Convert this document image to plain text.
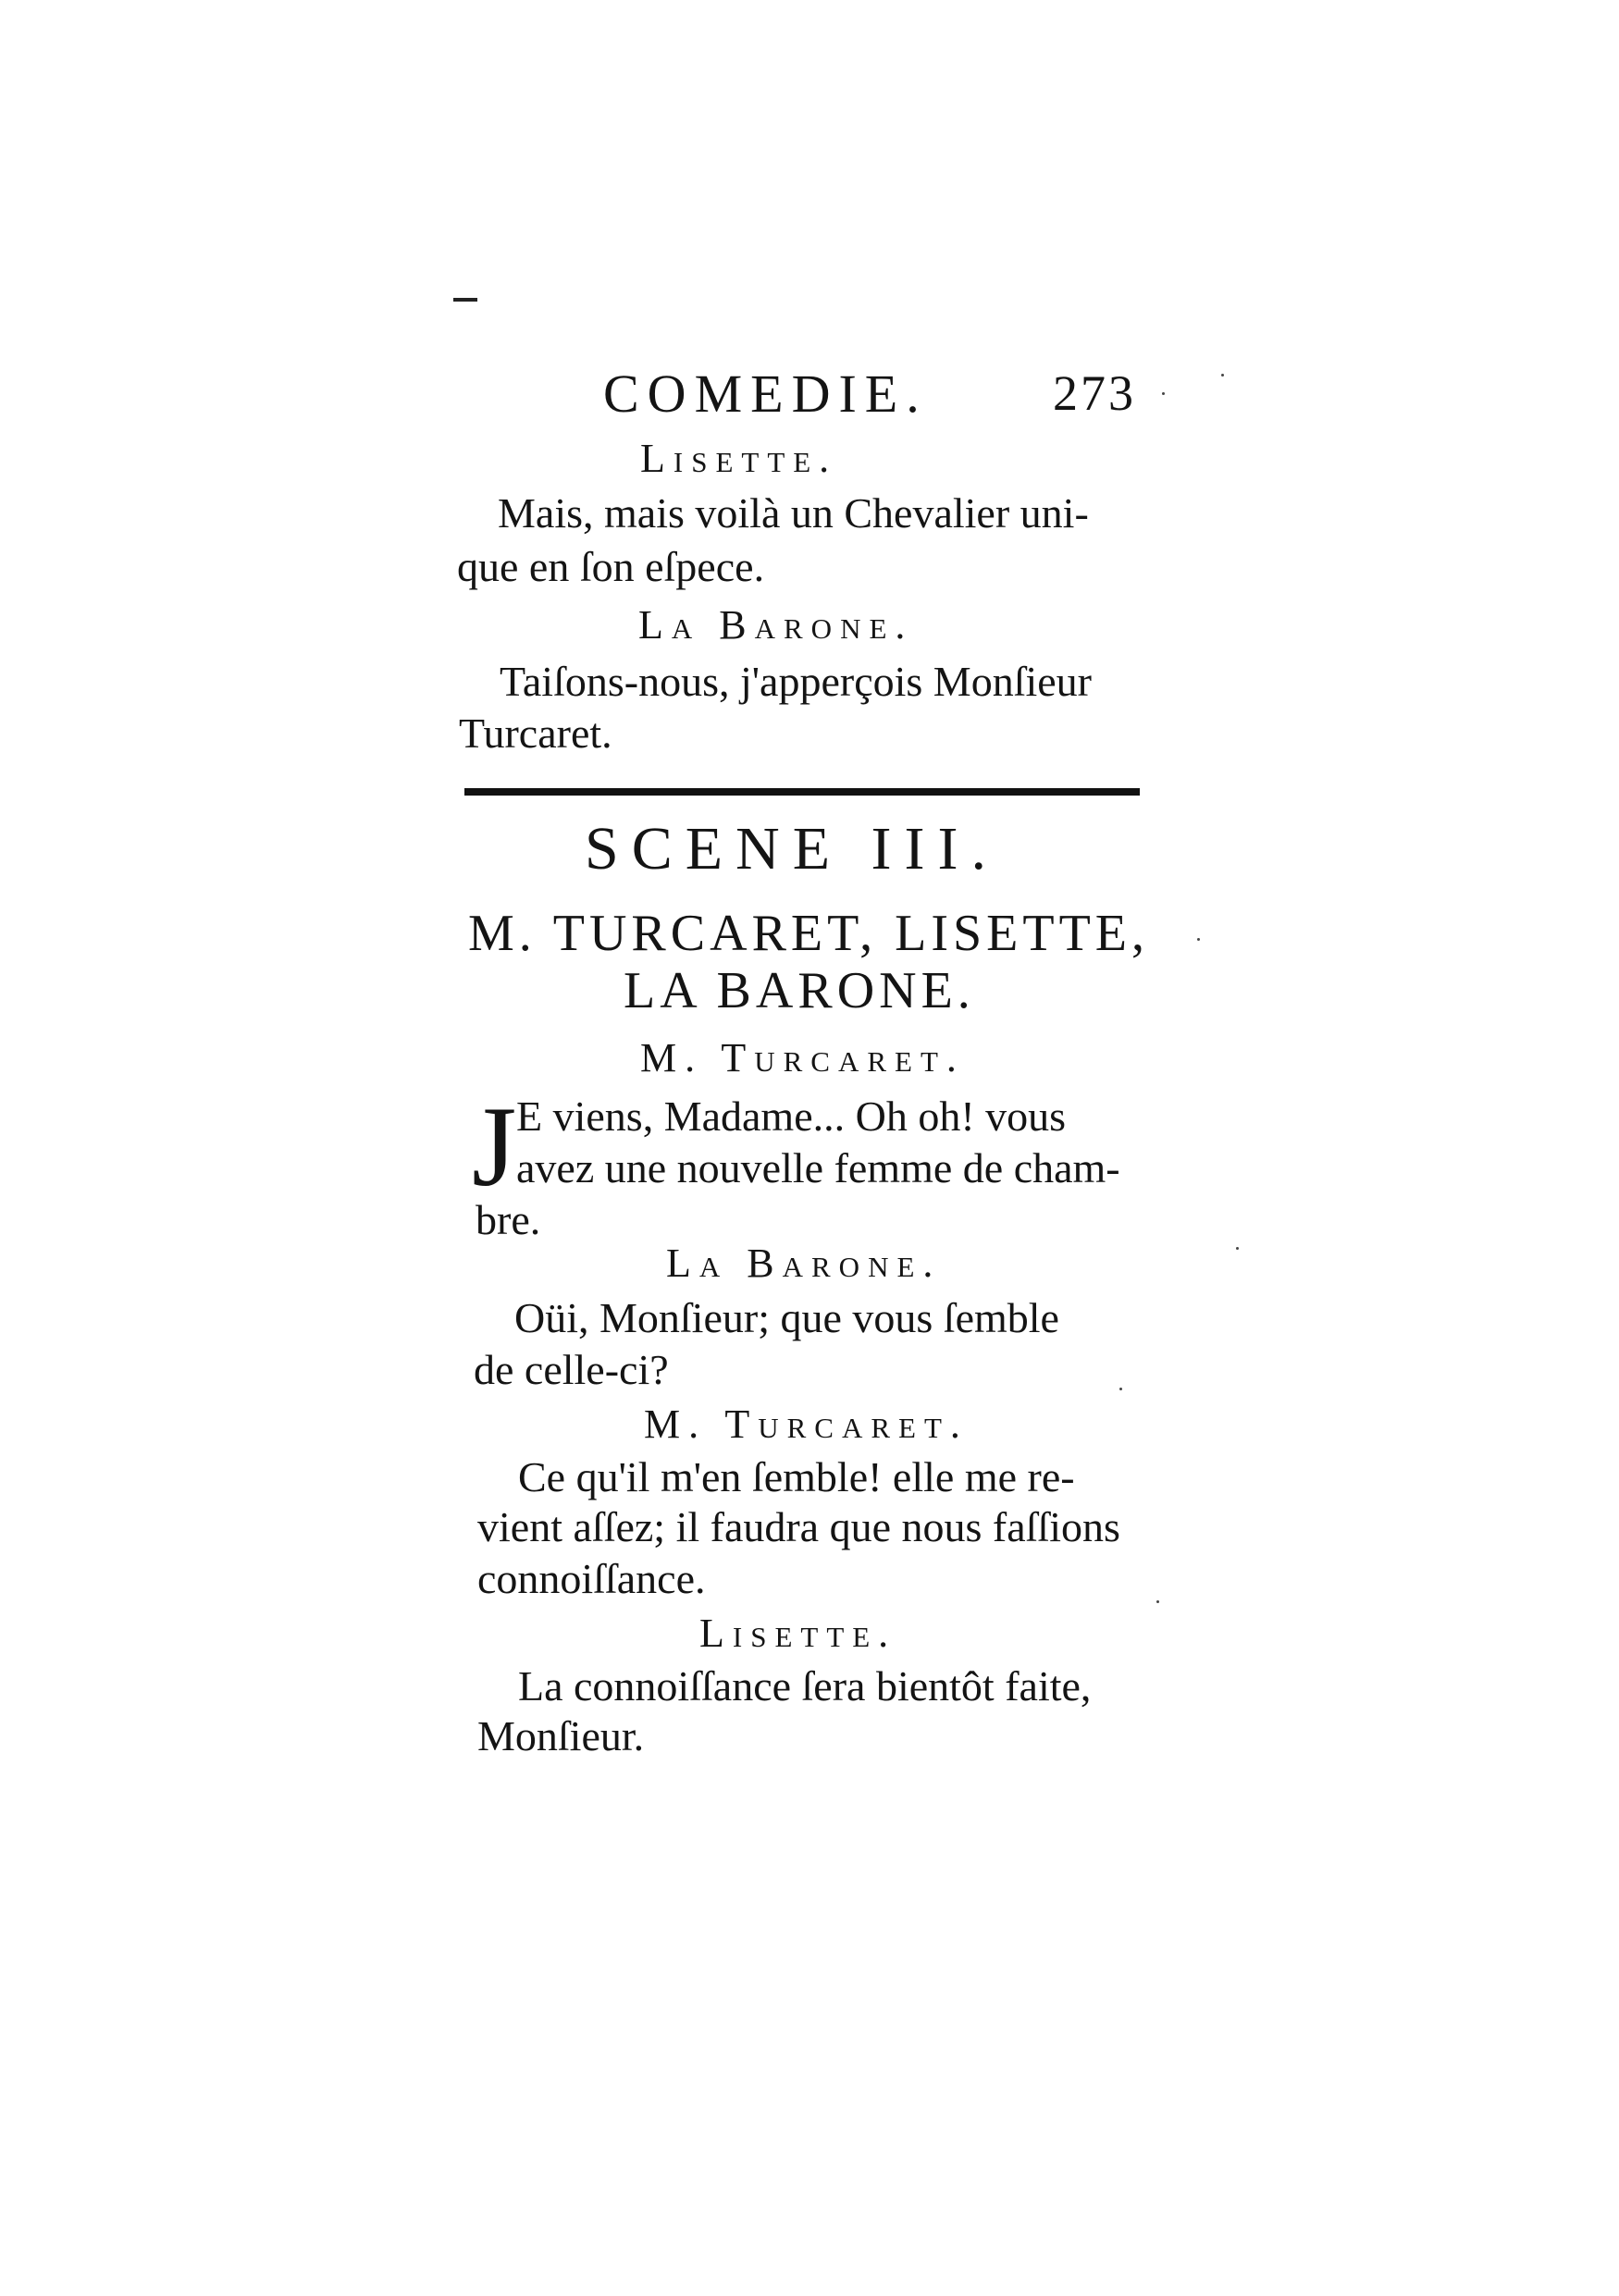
COMEDIE.	273
Lisette.
Mais, mais voilà un Chevalier uni-
que en ſon eſpece.
La Barone.
Taiſons-nous, j'apperçois Monſieur
Turcaret.
SCENE III.
M. TURCARET, LISETTE,
LA BARONE.
M. Turcaret.
J E viens, Madame... Oh oh! vous
avez une nouvelle femme de cham-
bre.
La Barone.
Oüi, Monſieur; que vous ſemble
de celle-ci?
M. Turcaret.
Ce qu'il m'en ſemble! elle me re-
vient aſſez; il faudra que nous faſſions
connoiſſance.
Lisette.
La connoiſſance ſera bientôt faite,
Monſieur.
